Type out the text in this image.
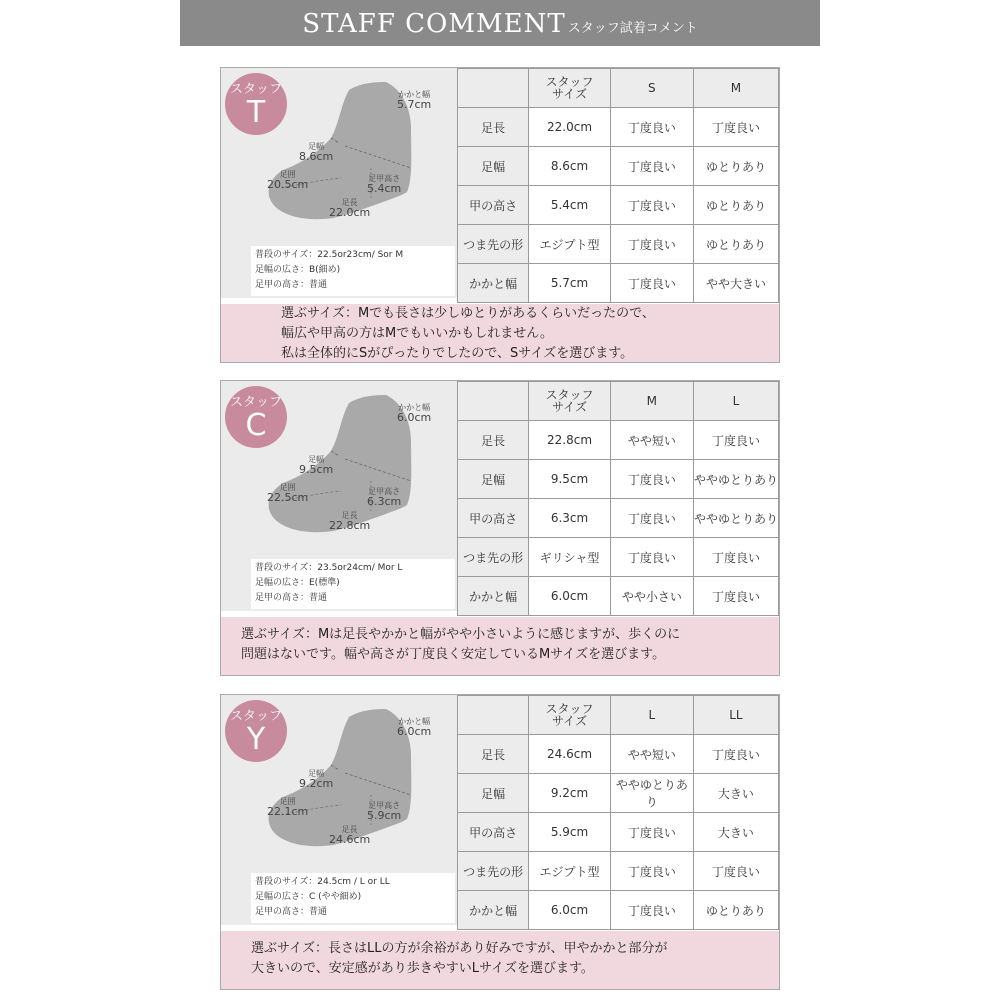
STAFF COMMENT スタッフ試着コメント
スタッフ
T
かかと幅
5.7cm
足幅
8.6cm
足囲
20.5cm	足甲高さ
5.4cm
足長
22.0cm
普段のサイズ：22.5or23cm/ Sor M
足幅の広さ：B(細め)
足甲の高さ：普通
	スタッフ
サイズ	S	M
足長	22.0cm	丁度良い	丁度良い
足幅	8.6cm	丁度良い	ゆとりあり
甲の高さ	5.4cm	丁度良い	ゆとりあり
つま先の形	エジプト型	丁度良い	ゆとりあり
かかと幅	5.7cm	丁度良い	やや大きい
選ぶサイズ：Mでも長さは少しゆとりがあるくらいだったので、
幅広や甲高の方はMでもいいかもしれません。
私は全体的にSがぴったりでしたので、Sサイズを選びます。
スタッフ
C
かかと幅
6.0cm
足幅
9.5cm
足囲
22.5cm	足甲高さ
6.3cm
足長
22.8cm
普段のサイズ：23.5or24cm/ Mor L
足幅の広さ：E(標準)
足甲の高さ：普通
	スタッフ
サイズ	M	L
足長	22.8cm	やや短い	丁度良い
足幅	9.5cm	丁度良い	ややゆとりあり
甲の高さ	6.3cm	丁度良い	ややゆとりあり
つま先の形	ギリシャ型	丁度良い	丁度良い
かかと幅	6.0cm	やや小さい	丁度良い
選ぶサイズ：Mは足長やかかと幅がやや小さいように感じますが、歩くのに
問題はないです。幅や高さが丁度良く安定しているMサイズを選びます。
スタッフ
Y
かかと幅
6.0cm
足幅
9.2cm
足囲
22.1cm	足甲高さ
5.9cm
足長
24.6cm
普段のサイズ：24.5cm / L or LL
足幅の広さ：C (やや細め)
足甲の高さ：普通
	スタッフ
サイズ	L	LL
足長	24.6cm	やや短い	丁度良い
足幅	9.2cm	ややゆとりあり	大きい
甲の高さ	5.9cm	丁度良い	大きい
つま先の形	エジプト型	丁度良い	丁度良い
かかと幅	6.0cm	丁度良い	ゆとりあり
選ぶサイズ：長さはLLの方が余裕があり好みですが、甲やかかと部分が
大きいので、安定感があり歩きやすいLサイズを選びます。
